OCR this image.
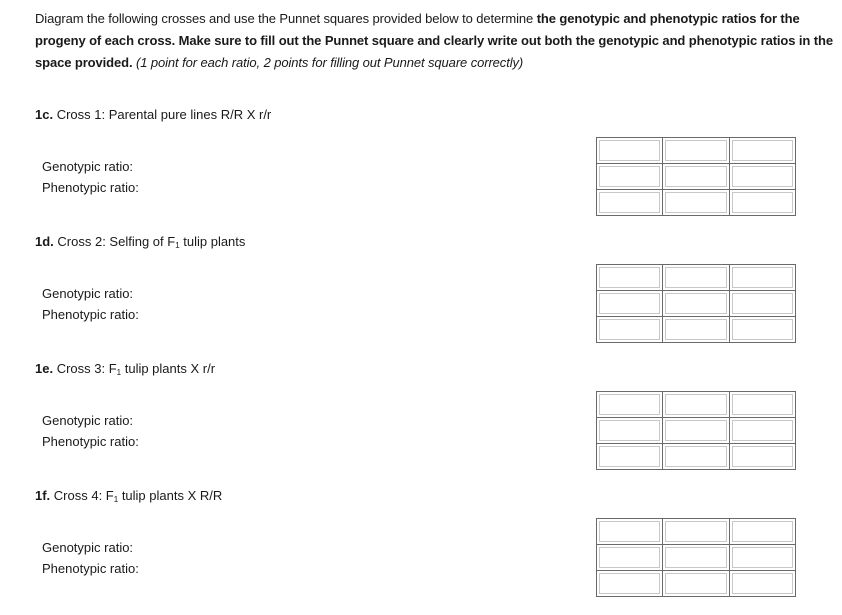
Diagram the following crosses and use the Punnet squares provided below to determine the genotypic and phenotypic ratios for the progeny of each cross. Make sure to fill out the Punnet square and clearly write out both the genotypic and phenotypic ratios in the space provided. (1 point for each ratio, 2 points for filling out Punnet square correctly)
1c. Cross 1: Parental pure lines R/R X r/r
Genotypic ratio:
Phenotypic ratio:

1d. Cross 2: Selfing of $F_1$ tulip plants
Genotypic ratio:
Phenotypic ratio:

1e. Cross 3: $F_1$ tulip plants X r/r
Genotypic ratio:
Phenotypic ratio:

1f. Cross 4: $F_1$ tulip plants X R/R
Genotypic ratio:
Phenotypic ratio:
